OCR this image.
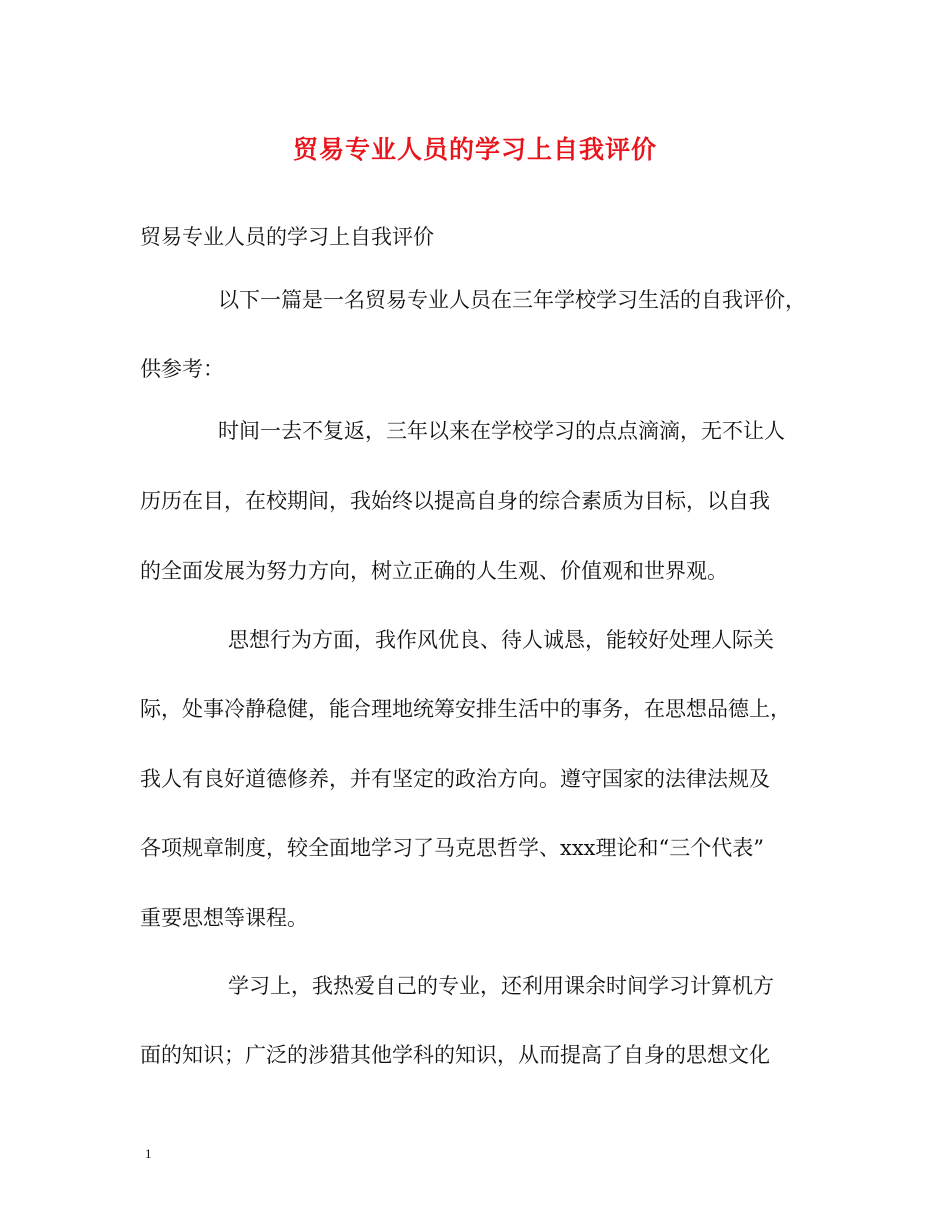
贸易专业人员的学习上自我评价

贸易专业人员的学习上自我评价

以下一篇是一名贸易专业人员在三年学校学习生活的自我评价，

供参考：

时间一去不复返，三年以来在学校学习的点点滴滴，无不让人

历历在目，在校期间，我始终以提高自身的综合素质为目标，以自我

的全面发展为努力方向，树立正确的人生观、价值观和世界观。

思想行为方面，我作风优良、待人诚恳，能较好处理人际关

际，处事冷静稳健，能合理地统筹安排生活中的事务，在思想品德上，

我人有良好道德修养，并有坚定的政治方向。遵守国家的法律法规及

各项规章制度，较全面地学习了马克思哲学、xxx理论和“三个代表”

重要思想等课程。

学习上，我热爱自己的专业，还利用课余时间学习计算机方

面的知识；广泛的涉猎其他学科的知识，从而提高了自身的思想文化

1
